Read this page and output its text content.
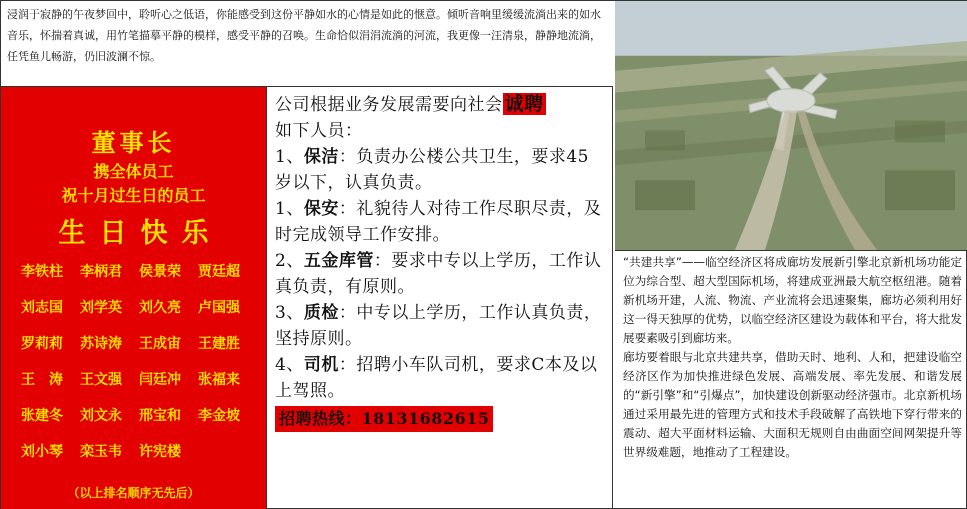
浸润于寂静的午夜梦回中，聆听心之低语，你能感受到这份平静如水的心情是如此的惬意。倾听音响里缓缓流淌出来的如水音乐，怀揣着真诚，用竹笔描摹平静的模样，感受平静的召唤。生命恰似涓涓流淌的河流，我更像一汪清泉，静静地流淌，任凭鱼儿畅游，仍旧波澜不惊。
董事长
携全体员工
祝十月过生日的员工
生日快乐
李铁柱	李柄君	侯景荣	贾廷超
刘志国	刘学英	刘久亮	卢国强
罗莉莉	苏诗涛	王成宙	王建胜
王　涛	王文强	闫廷冲	张福来
张建冬	刘文永	邢宝和	李金坡
刘小琴	栾玉韦	许宪楼
（以上排名顺序无先后）

公司根据业务发展需要向社会 诚聘

如下人员：

1、保洁：负责办公楼公共卫生，要求45岁以下，认真负责。

1、保安：礼貌待人对待工作尽职尽责，及时完成领导工作安排。

2、五金库管：要求中专以上学历，工作认真负责，有原则。

3、质检：中专以上学历，工作认真负责，坚持原则。

4、司机：招聘小车队司机，要求C本及以上驾照。

招聘热线：18131682615

“共建共享”——临空经济区将成廊坊发展新引擎北京新机场功能定位为综合型、超大型国际机场，将建成亚洲最大航空枢纽港。随着新机场开建，人流、物流、产业流将会迅速聚集，廊坊必须利用好这一得天独厚的优势，以临空经济区建设为载体和平台，将大批发展要素吸引到廊坊来。

廊坊要着眼与北京共建共享，借助天时、地利、人和，把建设临空经济区作为加快推进绿色发展、高端发展、率先发展、和谐发展的“新引擎”和“引爆点”，加快建设创新驱动经济强市。北京新机场通过采用最先进的管理方式和技术手段破解了高铁地下穿行带来的震动、超大平面材料运输、大面积无规则自由曲面空间网架提升等世界级难题，地推动了工程建设。
